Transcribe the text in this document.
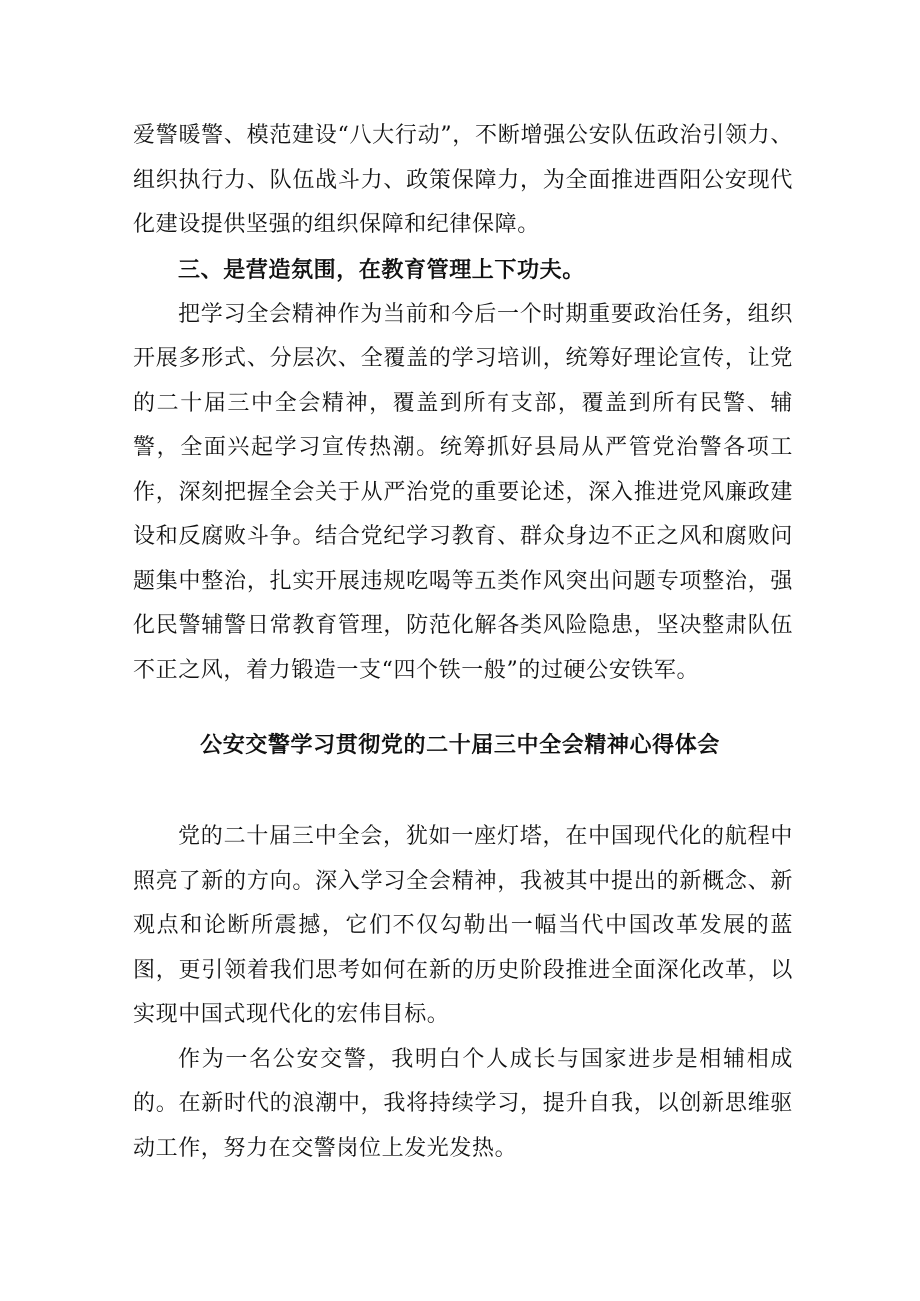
爱警暖警、模范建设“八大行动”，不断增强公安队伍政治引领力、组织执行力、队伍战斗力、政策保障力，为全面推进酉阳公安现代化建设提供坚强的组织保障和纪律保障。

三、是营造氛围，在教育管理上下功夫。

把学习全会精神作为当前和今后一个时期重要政治任务，组织开展多形式、分层次、全覆盖的学习培训，统筹好理论宣传，让党的二十届三中全会精神，覆盖到所有支部，覆盖到所有民警、辅警，全面兴起学习宣传热潮。统筹抓好县局从严管党治警各项工作，深刻把握全会关于从严治党的重要论述，深入推进党风廉政建设和反腐败斗争。结合党纪学习教育、群众身边不正之风和腐败问题集中整治，扎实开展违规吃喝等五类作风突出问题专项整治，强化民警辅警日常教育管理，防范化解各类风险隐患，坚决整肃队伍不正之风，着力锻造一支“四个铁一般”的过硬公安铁军。

公安交警学习贯彻党的二十届三中全会精神心得体会

党的二十届三中全会，犹如一座灯塔，在中国现代化的航程中照亮了新的方向。深入学习全会精神，我被其中提出的新概念、新观点和论断所震撼，它们不仅勾勒出一幅当代中国改革发展的蓝图，更引领着我们思考如何在新的历史阶段推进全面深化改革，以实现中国式现代化的宏伟目标。

作为一名公安交警，我明白个人成长与国家进步是相辅相成的。在新时代的浪潮中，我将持续学习，提升自我，以创新思维驱动工作，努力在交警岗位上发光发热。
